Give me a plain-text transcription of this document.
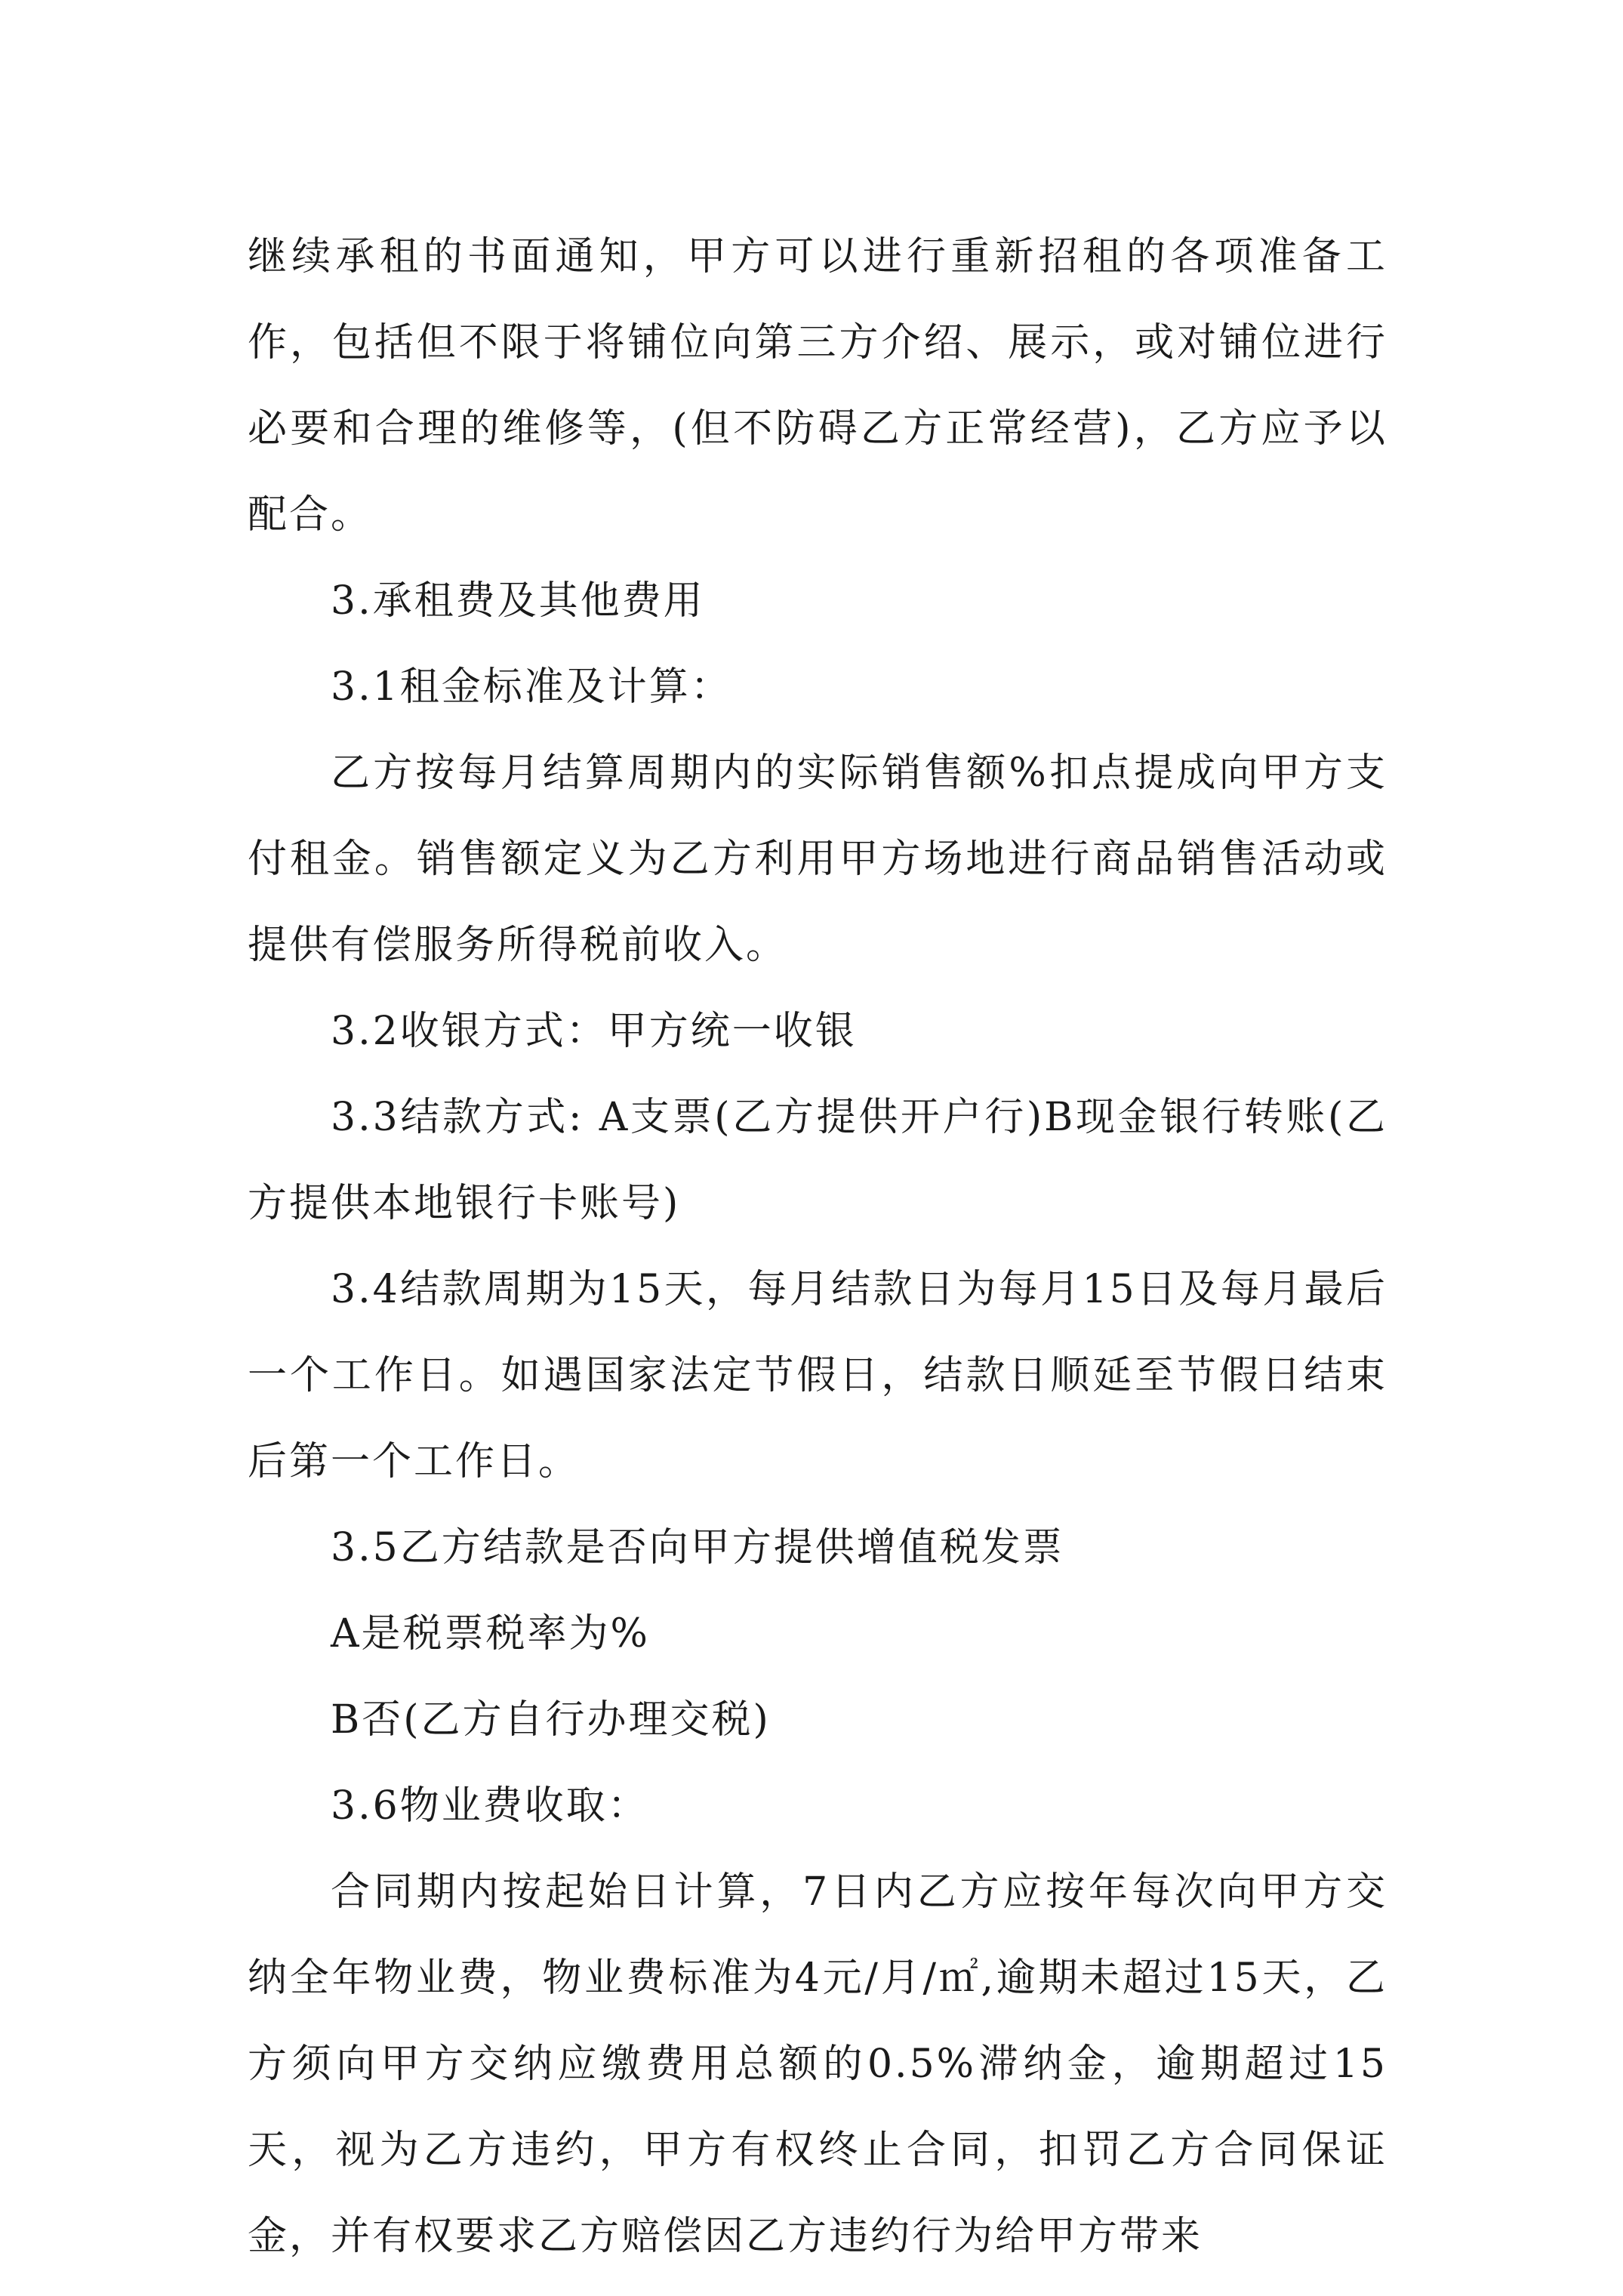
继续承租的书面通知，甲方可以进行重新招租的各项准备工作，包括但不限于将铺位向第三方介绍、展示，或对铺位进行必要和合理的维修等，(但不防碍乙方正常经营)，乙方应予以配合。

3.承租费及其他费用

3.1租金标准及计算：

乙方按每月结算周期内的实际销售额%扣点提成向甲方支付租金。销售额定义为乙方利用甲方场地进行商品销售活动或提供有偿服务所得税前收入。

3.2收银方式：甲方统一收银

3.3结款方式: A支票(乙方提供开户行)B现金银行转账(乙方提供本地银行卡账号)

3.4结款周期为15天，每月结款日为每月15日及每月最后一个工作日。如遇国家法定节假日，结款日顺延至节假日结束后第一个工作日。

3.5乙方结款是否向甲方提供增值税发票

A是税票税率为%

B否(乙方自行办理交税)

3.6物业费收取：

合同期内按起始日计算，7日内乙方应按年每次向甲方交纳全年物业费，物业费标准为4元/月/㎡,逾期未超过15天，乙方须向甲方交纳应缴费用总额的0.5%滞纳金，逾期超过15天，视为乙方违约，甲方有权终止合同，扣罚乙方合同保证金，并有权要求乙方赔偿因乙方违约行为给甲方带来
